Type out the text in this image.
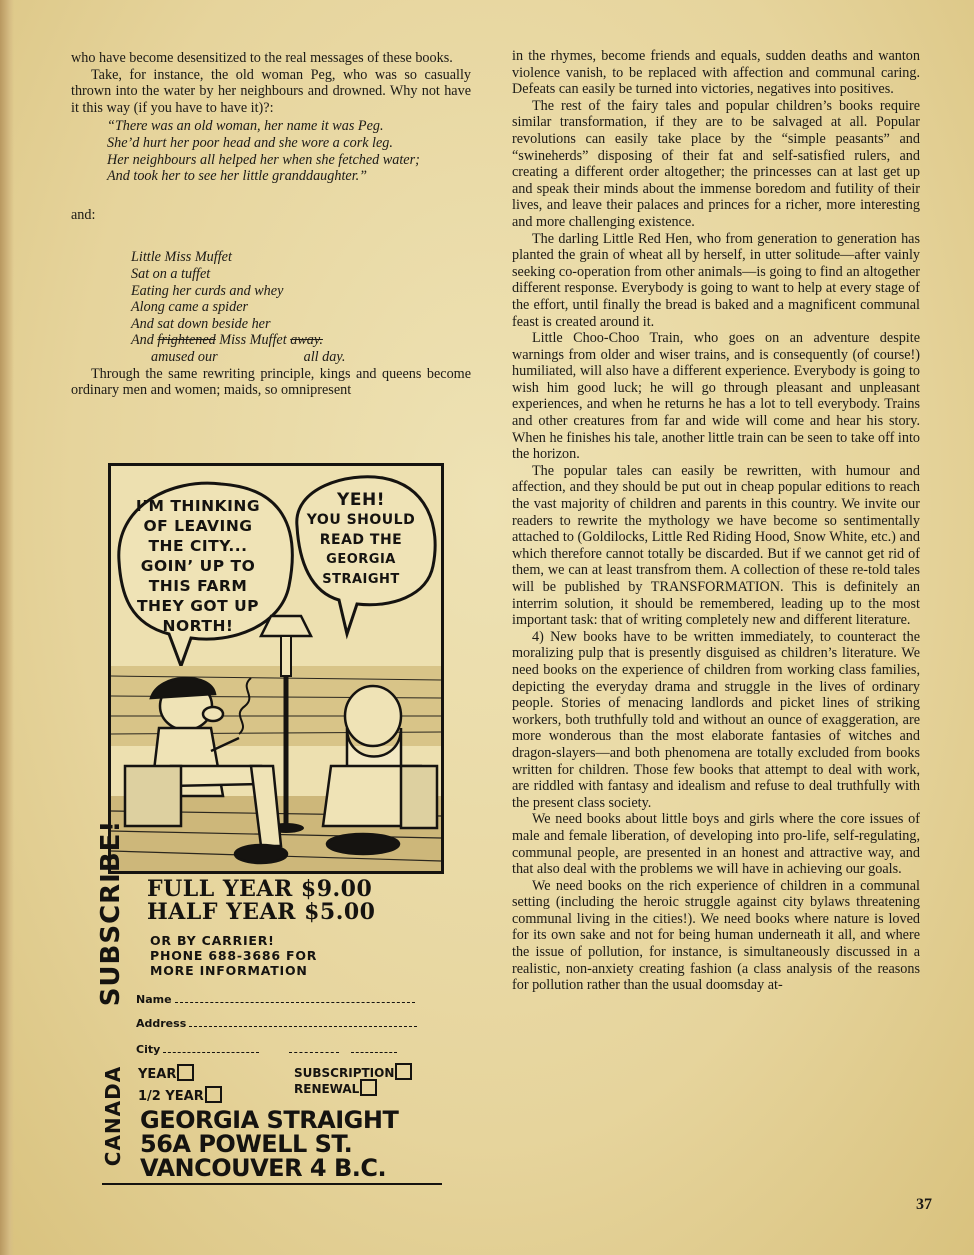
who have become desensitized to the real messages of these books.

Take, for instance, the old woman Peg, who was so casually thrown into the water by her neighbours and drowned. Why not have it this way (if you have to have it)?:

“There was an old woman, her name it was Peg.
She’d hurt her poor head and she wore a cork leg.
Her neighbours all helped her when she fetched water;
And took her to see her little granddaughter.”
and:
Little Miss Muffet
Sat on a tuffet
Eating her curds and whey
Along came a spider
And sat down beside her
And frightened Miss Muffet away.
amused our	all day.

Through the same rewriting principle, kings and queens become ordinary men and women; maids, so omnipresent

I’M THINKING
OF LEAVING
THE CITY...
GOIN’ UP TO
THIS FARM
THEY GOT UP
NORTH!
YEH!
YOU SHOULD
READ THE
GEORGIA
STRAIGHT
SUBSCRIBE! FULL YEAR $9.00
HALF YEAR $5.00
OR BY CARRIER!
PHONE 688-3686 FOR
MORE INFORMATION
Name
Address
City
YEAR
1/2 YEAR
SUBSCRIPTION
RENEWAL
CANADA GEORGIA STRAIGHT
56A POWELL ST.
VANCOUVER 4 B.C.

in the rhymes, become friends and equals, sudden deaths and wanton violence vanish, to be replaced with affection and communal caring. Defeats can easily be turned into victories, negatives into positives.

The rest of the fairy tales and popular children’s books require similar transformation, if they are to be salvaged at all. Popular revolutions can easily take place by the “simple peasants” and “swineherds” disposing of their fat and self-satisfied rulers, and creating a different order altogether; the princesses can at last get up and speak their minds about the immense boredom and futility of their lives, and leave their palaces and princes for a richer, more interesting and more challenging existence.

The darling Little Red Hen, who from generation to generation has planted the grain of wheat all by herself, in utter solitude—after vainly seeking co-operation from other animals—is going to find an altogether different response. Everybody is going to want to help at every stage of the effort, until finally the bread is baked and a magnificent communal feast is created around it.

Little Choo-Choo Train, who goes on an adventure despite warnings from older and wiser trains, and is consequently (of course!) humiliated, will also have a different experience. Everybody is going to wish him good luck; he will go through pleasant and unpleasant experiences, and when he returns he has a lot to tell everybody. Trains and other creatures from far and wide will come and hear his story. When he finishes his tale, another little train can be seen to take off into the horizon.

The popular tales can easily be rewritten, with humour and affection, and they should be put out in cheap popular editions to reach the vast majority of children and parents in this country. We invite our readers to rewrite the mythology we have become so sentimentally attached to (Goldilocks, Little Red Riding Hood, Snow White, etc.) and which therefore cannot totally be discarded. But if we cannot get rid of them, we can at least transfrom them. A collection of these re-told tales will be published by TRANSFORMATION. This is definitely an interrim solution, it should be remembered, leading up to the most important task: that of writing completely new and different literature.

4) New books have to be written immediately, to counteract the moralizing pulp that is presently disguised as children’s literature. We need books on the experience of children from working class families, depicting the everyday drama and struggle in the lives of ordinary people. Stories of menacing landlords and picket lines of striking workers, both truthfully told and without an ounce of exaggeration, are more wonderous than the most elaborate fantasies of witches and dragon-slayers—and both phenomena are totally excluded from books written for children. Those few books that attempt to deal with work, are riddled with fantasy and idealism and refuse to deal truthfully with the present class society.

We need books about little boys and girls where the core issues of male and female liberation, of developing into pro-life, self-regulating, communal people, are presented in an honest and attractive way, and that also deal with the problems we will have in achieving our goals.

We need books on the rich experience of children in a communal setting (including the heroic struggle against city bylaws threatening communal living in the cities!). We need books where nature is loved for its own sake and not for being human underneath it all, and where the issue of pollution, for instance, is simultaneously discussed in a realistic, non-anxiety creating fashion (a class analysis of the reasons for pollution rather than the usual doomsday at-

37
